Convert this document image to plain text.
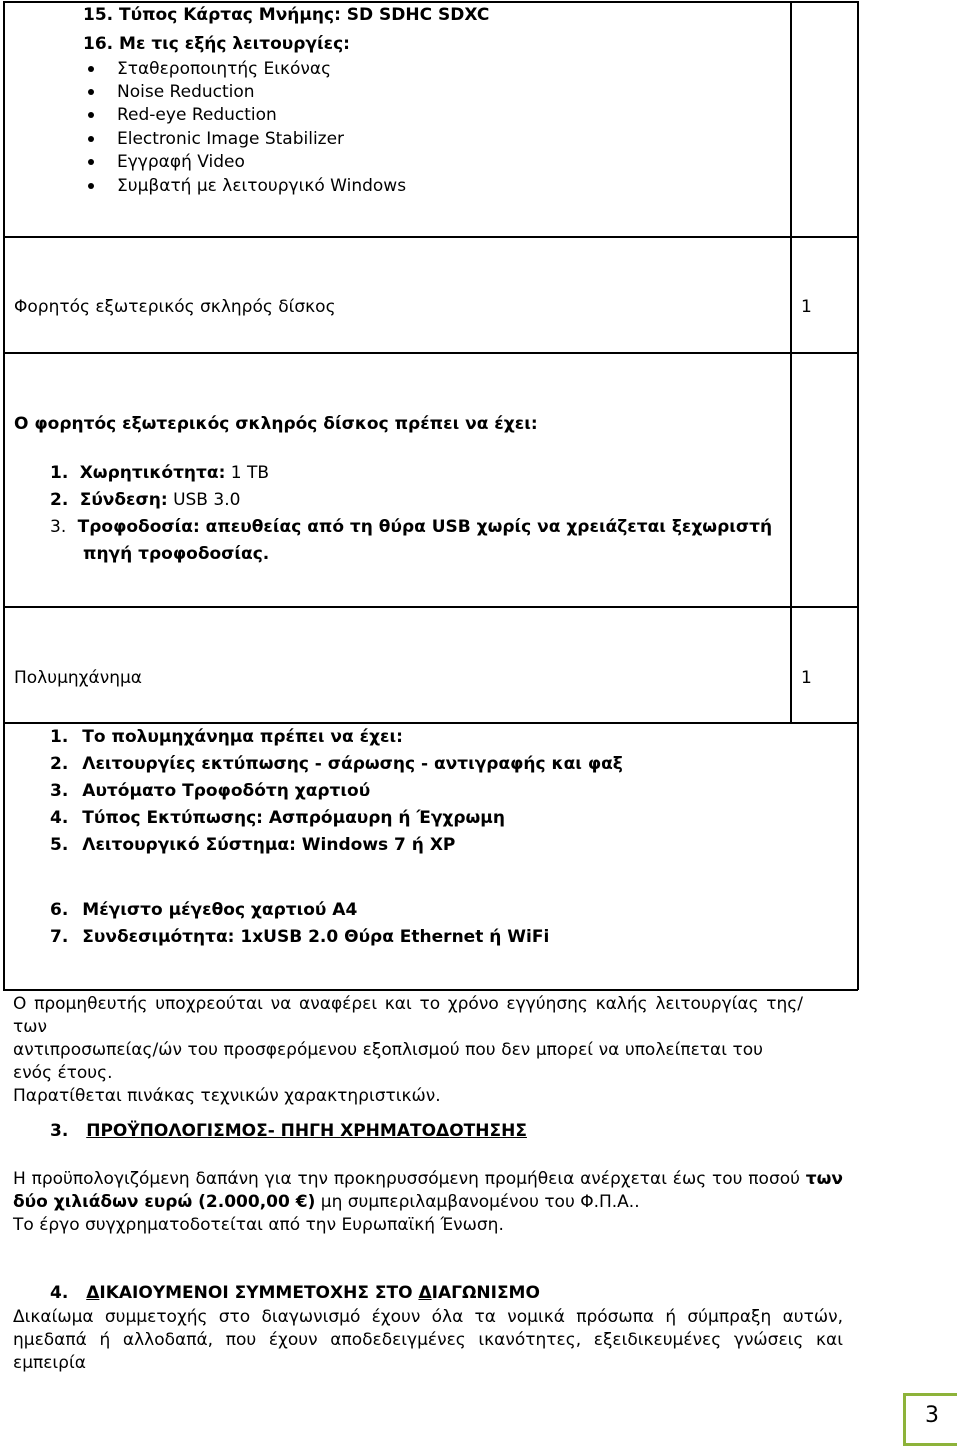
15. Τύπος Κάρτας Μνήμης: SD SDHC SDXC
16. Με τις εξής λειτουργίες:
Σταθεροποιητής Εικόνας
Noise Reduction
Red-eye Reduction
Electronic Image Stabilizer
Εγγραφή Video
Συμβατή με λειτουργικό Windows
Φορητός εξωτερικός σκληρός δίσκος	1
Ο φορητός εξωτερικός σκληρός δίσκος πρέπει να έχει:
1. Χωρητικότητα: 1 TB
2. Σύνδεση: USB 3.0
3. Τροφοδοσία: απευθείας από τη θύρα USB χωρίς να χρειάζεται ξεχωριστή
πηγή τροφοδοσίας.
Πολυμηχάνημα	1
1. Το πολυμηχάνημα πρέπει να έχει:
2. Λειτουργίες εκτύπωσης - σάρωσης - αντιγραφής και φαξ
3. Αυτόματο Τροφοδότη χαρτιού
4. Τύπος Εκτύπωσης: Ασπρόμαυρη ή Έγχρωμη
5. Λειτουργικό Σύστημα: Windows 7 ή XP
6. Μέγιστο μέγεθος χαρτιού Α4
7. Συνδεσιμότητα: 1xUSB 2.0 Θύρα Ethernet ή WiFi
Ο προμηθευτής υποχρεούται να αναφέρει και το χρόνο εγγύησης καλής λειτουργίας της/των
αντιπροσωπείας/ών του προσφερόμενου εξοπλισμού που δεν μπορεί να υπολείπεται του
ενός έτους.
Παρατίθεται πινάκας τεχνικών χαρακτηριστικών.
3. ΠΡΟΫΠΟΛΟΓΙΣΜΟΣ- ΠΗΓΗ ΧΡΗΜΑΤΟΔΟΤΗΣΗΣ
Η προϋπολογιζόμενη δαπάνη για την προκηρυσσόμενη προμήθεια ανέρχεται έως του ποσού των
δύο χιλιάδων ευρώ (2.000,00 €) μη συμπεριλαμβανομένου του Φ.Π.Α..
Το έργο συγχρηματοδοτείται από την Ευρωπαϊκή Ένωση.
4. ΔΙΚΑΙΟΥΜΕΝΟΙ ΣΥΜΜΕΤΟΧΗΣ ΣΤΟ ΔΙΑΓΩΝΙΣΜΟ
Δικαίωμα συμμετοχής στο διαγωνισμό έχουν όλα τα νομικά πρόσωπα ή σύμπραξη αυτών,
ημεδαπά ή αλλοδαπά, που έχουν αποδεδειγμένες ικανότητες, εξειδικευμένες γνώσεις και εμπειρία
3
